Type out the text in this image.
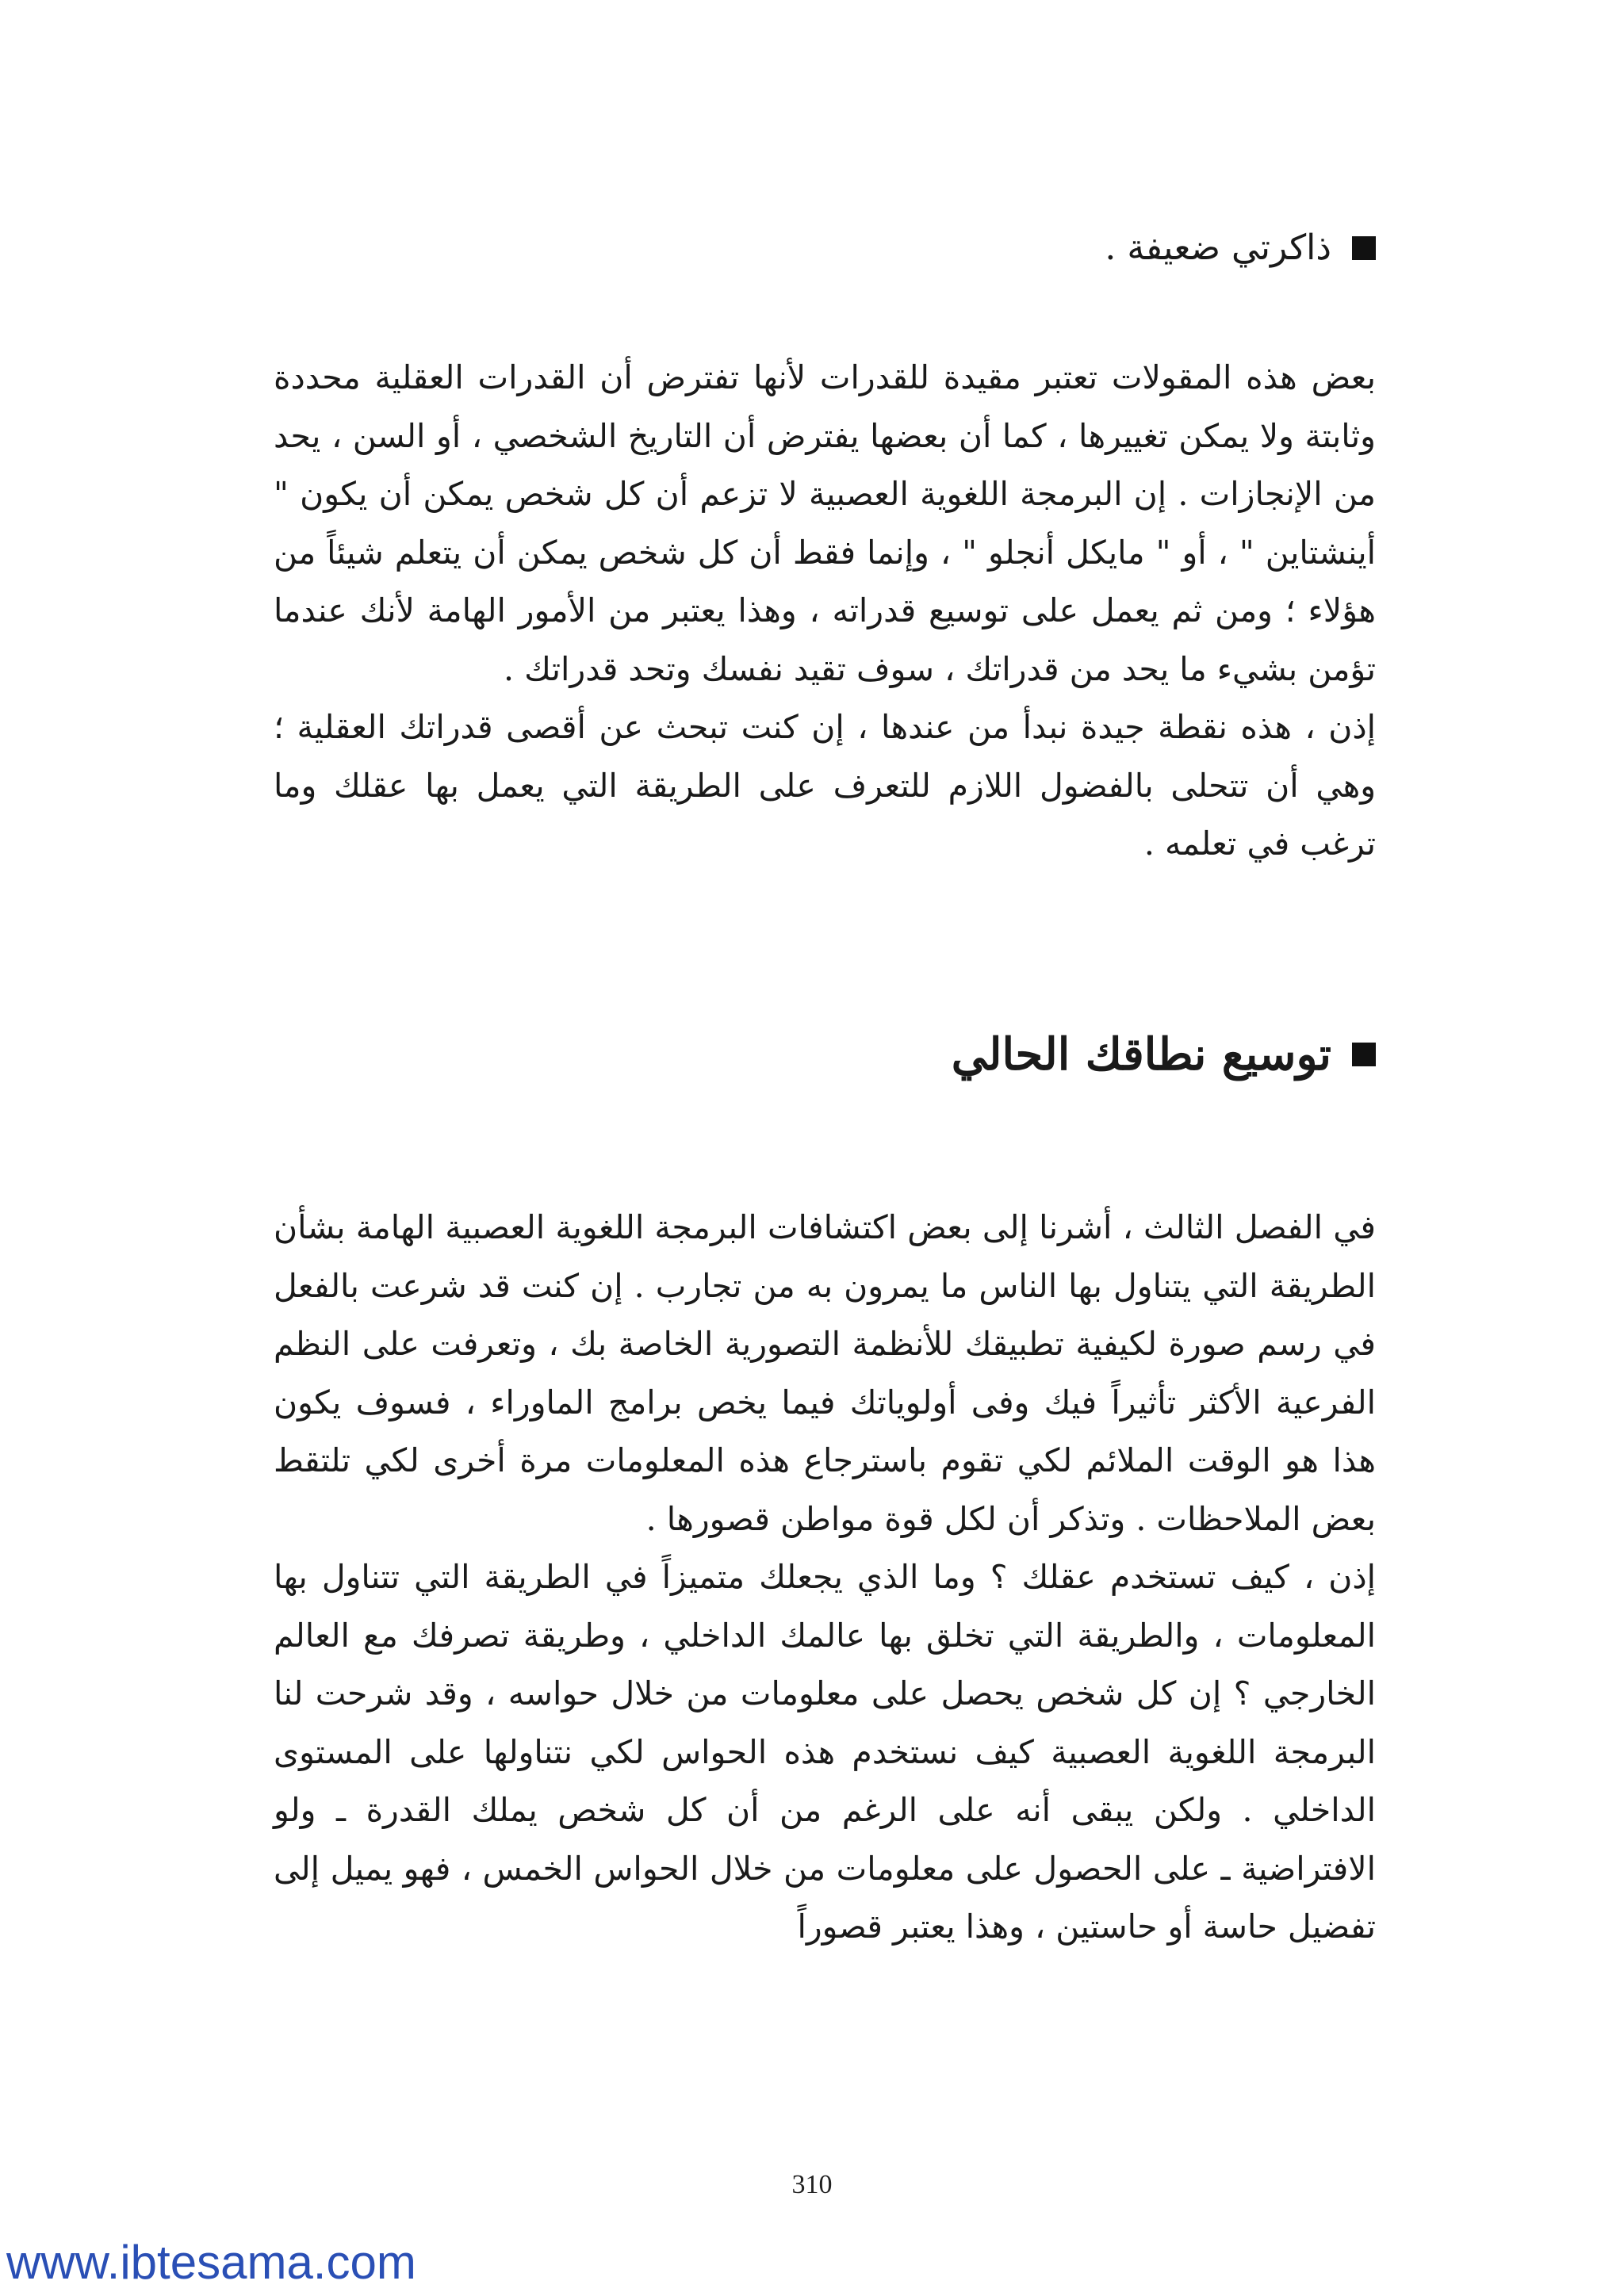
ذاكرتي ضعيفة .

بعض هذه المقولات تعتبر مقيدة للقدرات لأنها تفترض أن القدرات العقلية محددة وثابتة ولا يمكن تغييرها ، كما أن بعضها يفترض أن التاريخ الشخصي ، أو السن ، يحد من الإنجازات . إن البرمجة اللغوية العصبية لا تزعم أن كل شخص يمكن أن يكون " أينشتاين " ، أو " مايكل أنجلو " ، وإنما فقط أن كل شخص يمكن أن يتعلم شيئاً من هؤلاء ؛ ومن ثم يعمل على توسيع قدراته ، وهذا يعتبر من الأمور الهامة لأنك عندما تؤمن بشيء ما يحد من قدراتك ، سوف تقيد نفسك وتحد قدراتك .

إذن ، هذه نقطة جيدة نبدأ من عندها ، إن كنت تبحث عن أقصى قدراتك العقلية ؛ وهي أن تتحلى بالفضول اللازم للتعرف على الطريقة التي يعمل بها عقلك وما ترغب في تعلمه .

توسيع نطاقك الحالي

في الفصل الثالث ، أشرنا إلى بعض اكتشافات البرمجة اللغوية العصبية الهامة بشأن الطريقة التي يتناول بها الناس ما يمرون به من تجارب . إن كنت قد شرعت بالفعل في رسم صورة لكيفية تطبيقك للأنظمة التصورية الخاصة بك ، وتعرفت على النظم الفرعية الأكثر تأثيراً فيك وفى أولوياتك فيما يخص برامج الماوراء ، فسوف يكون هذا هو الوقت الملائم لكي تقوم باسترجاع هذه المعلومات مرة أخرى لكي تلتقط بعض الملاحظات . وتذكر أن لكل قوة مواطن قصورها .

إذن ، كيف تستخدم عقلك ؟ وما الذي يجعلك متميزاً في الطريقة التي تتناول بها المعلومات ، والطريقة التي تخلق بها عالمك الداخلي ، وطريقة تصرفك مع العالم الخارجي ؟ إن كل شخص يحصل على معلومات من خلال حواسه ، وقد شرحت لنا البرمجة اللغوية العصبية كيف نستخدم هذه الحواس لكي نتناولها على المستوى الداخلي . ولكن يبقى أنه على الرغم من أن كل شخص يملك القدرة ـ ولو الافتراضية ـ على الحصول على معلومات من خلال الحواس الخمس ، فهو يميل إلى تفضيل حاسة أو حاستين ، وهذا يعتبر قصوراً

310
www.ibtesama.com
